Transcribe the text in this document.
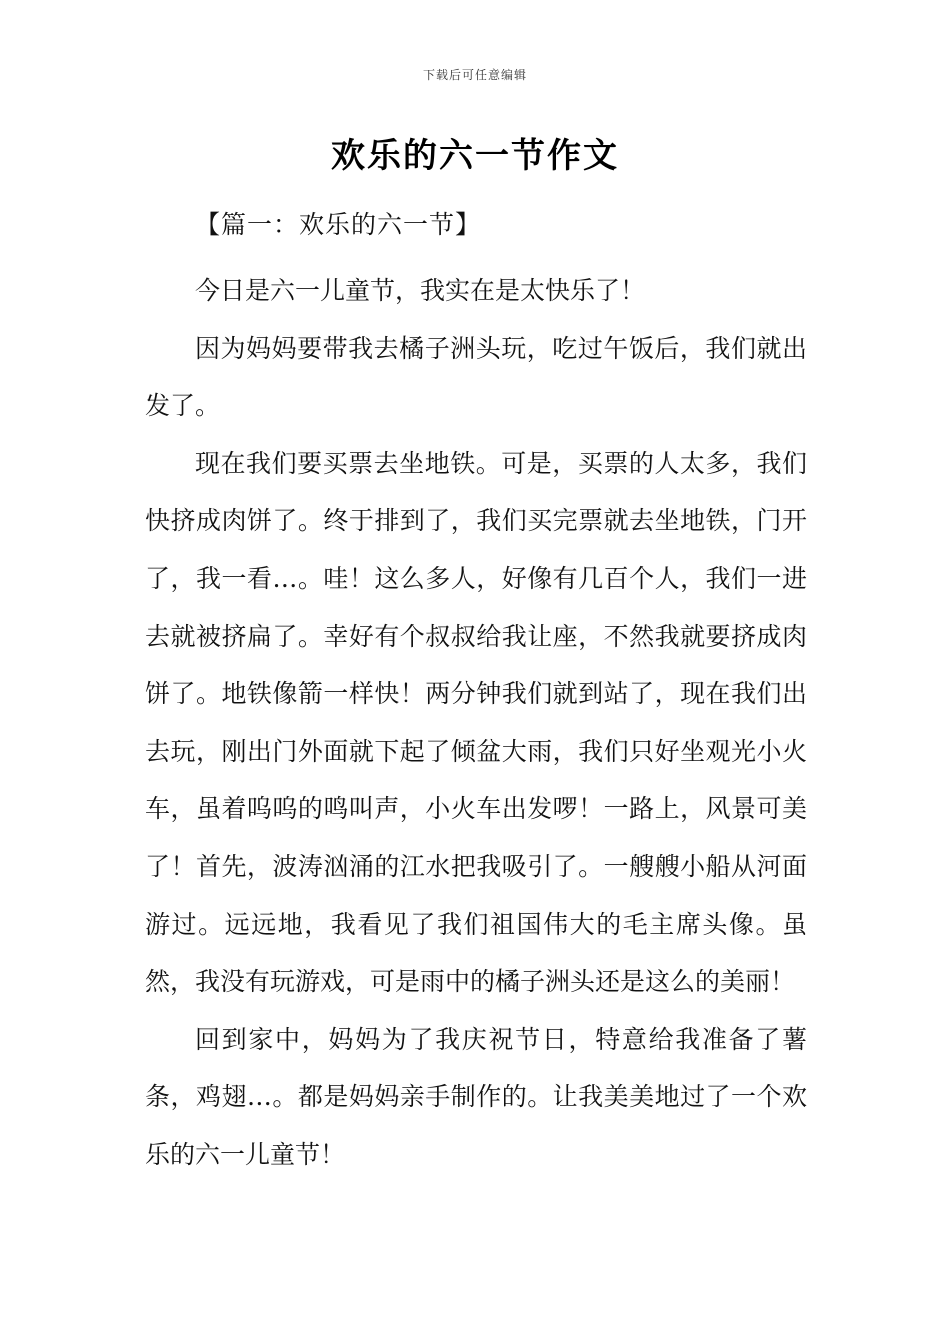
下载后可任意编辑
欢乐的六一节作文
【篇一：欢乐的六一节】

今日是六一儿童节，我实在是太快乐了！

因为妈妈要带我去橘子洲头玩，吃过午饭后，我们就出发了。

现在我们要买票去坐地铁。可是，买票的人太多，我们快挤成肉饼了。终于排到了，我们买完票就去坐地铁，门开了，我一看…。哇！这么多人，好像有几百个人，我们一进去就被挤扁了。幸好有个叔叔给我让座，不然我就要挤成肉饼了。地铁像箭一样快！两分钟我们就到站了，现在我们出去玩，刚出门外面就下起了倾盆大雨，我们只好坐观光小火车，虽着呜呜的鸣叫声，小火车出发啰！一路上，风景可美了！首先，波涛汹涌的江水把我吸引了。一艘艘小船从河面游过。远远地，我看见了我们祖国伟大的毛主席头像。虽然，我没有玩游戏，可是雨中的橘子洲头还是这么的美丽！

回到家中，妈妈为了我庆祝节日，特意给我准备了薯条，鸡翅…。都是妈妈亲手制作的。让我美美地过了一个欢乐的六一儿童节！
